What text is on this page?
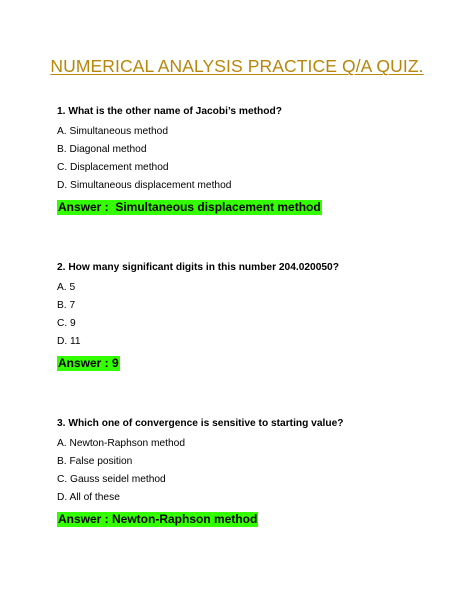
NUMERICAL ANALYSIS PRACTICE Q/A QUIZ.
1. What is the other name of Jacobi’s method?
A. Simultaneous method
B. Diagonal method
C. Displacement method
D. Simultaneous displacement method
Answer :  Simultaneous displacement method
2. How many significant digits in this number 204.020050?
A. 5
B. 7
C. 9
D. 11
Answer : 9
3. Which one of convergence is sensitive to starting value?
A. Newton-Raphson method
B. False position
C. Gauss seidel method
D. All of these
Answer : Newton-Raphson method
